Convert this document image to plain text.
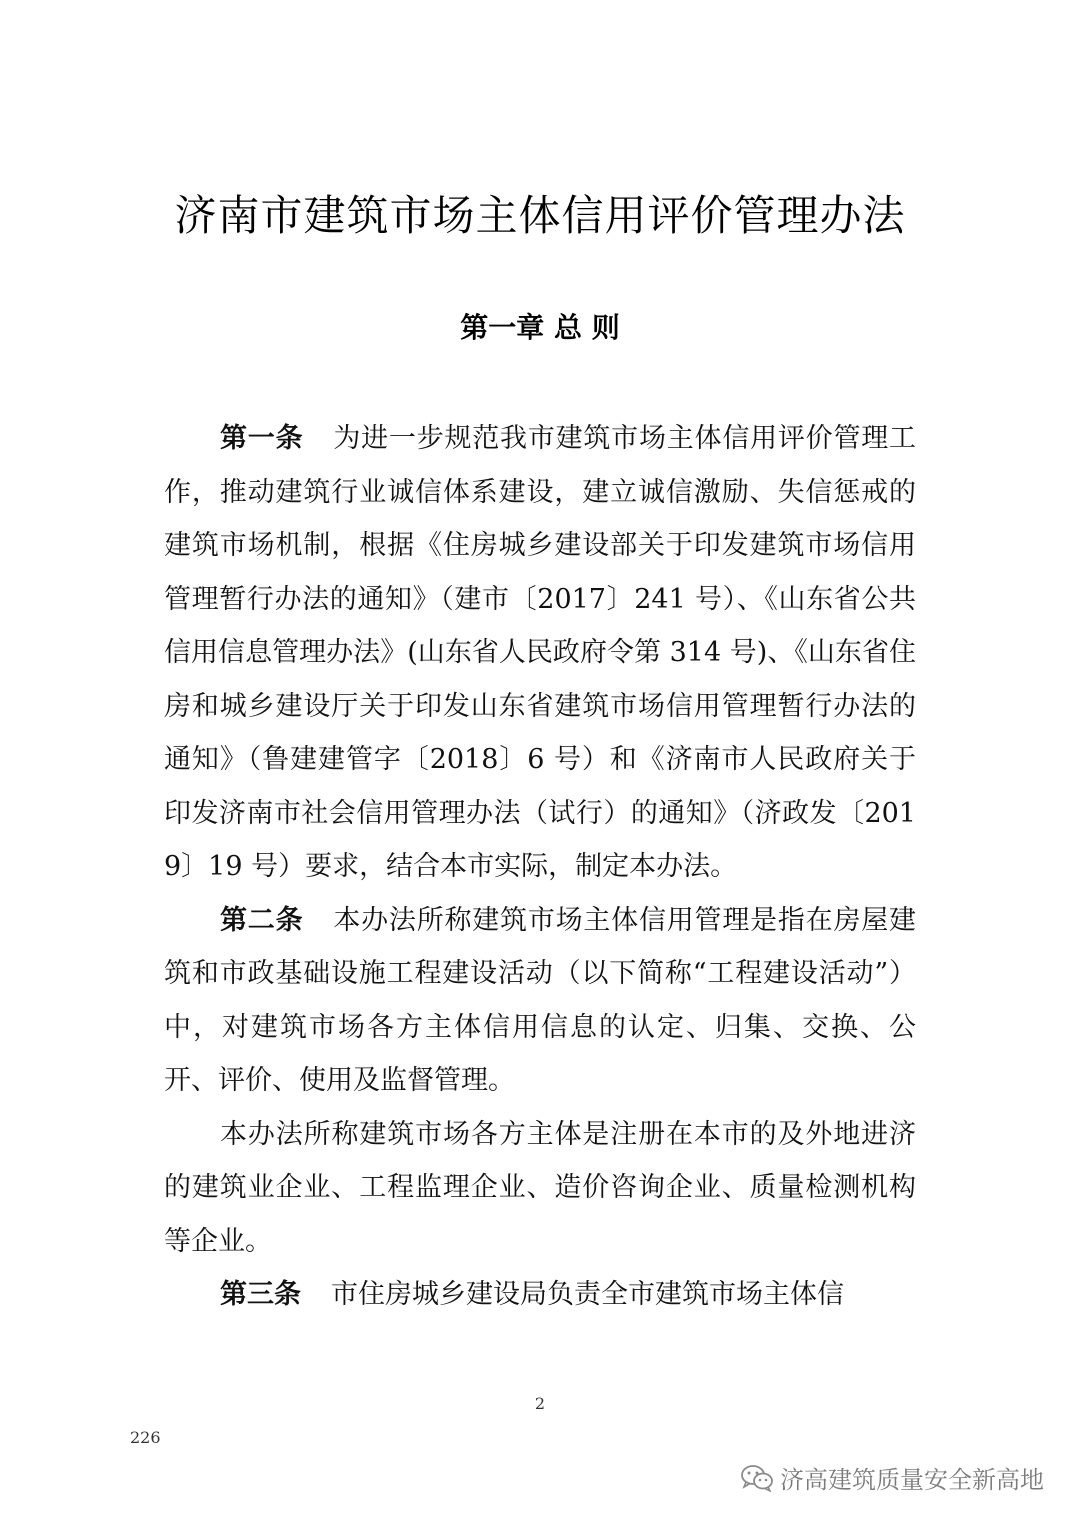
济南市建筑市场主体信用评价管理办法
第一章 总 则

第一条 为进一步规范我市建筑市场主体信用评价管理工作，推动建筑行业诚信体系建设，建立诚信激励、失信惩戒的建筑市场机制，根据《住房城乡建设部关于印发建筑市场信用管理暂行办法的通知》（建市〔2017〕241 号）、《山东省公共信用信息管理办法》(山东省人民政府令第 314 号)、《山东省住房和城乡建设厅关于印发山东省建筑市场信用管理暂行办法的通知》（鲁建建管字〔2018〕6 号）和《济南市人民政府关于印发济南市社会信用管理办法（试行）的通知》（济政发〔2019〕19 号）要求，结合本市实际，制定本办法。

第二条 本办法所称建筑市场主体信用管理是指在房屋建筑和市政基础设施工程建设活动（以下简称“工程建设活动”）中，对建筑市场各方主体信用信息的认定、归集、交换、公开、评价、使用及监督管理。

本办法所称建筑市场各方主体是注册在本市的及外地进济的建筑业企业、工程监理企业、造价咨询企业、质量检测机构等企业。

第三条 市住房城乡建设局负责全市建筑市场主体信

2
226
济高建筑质量安全新高地
